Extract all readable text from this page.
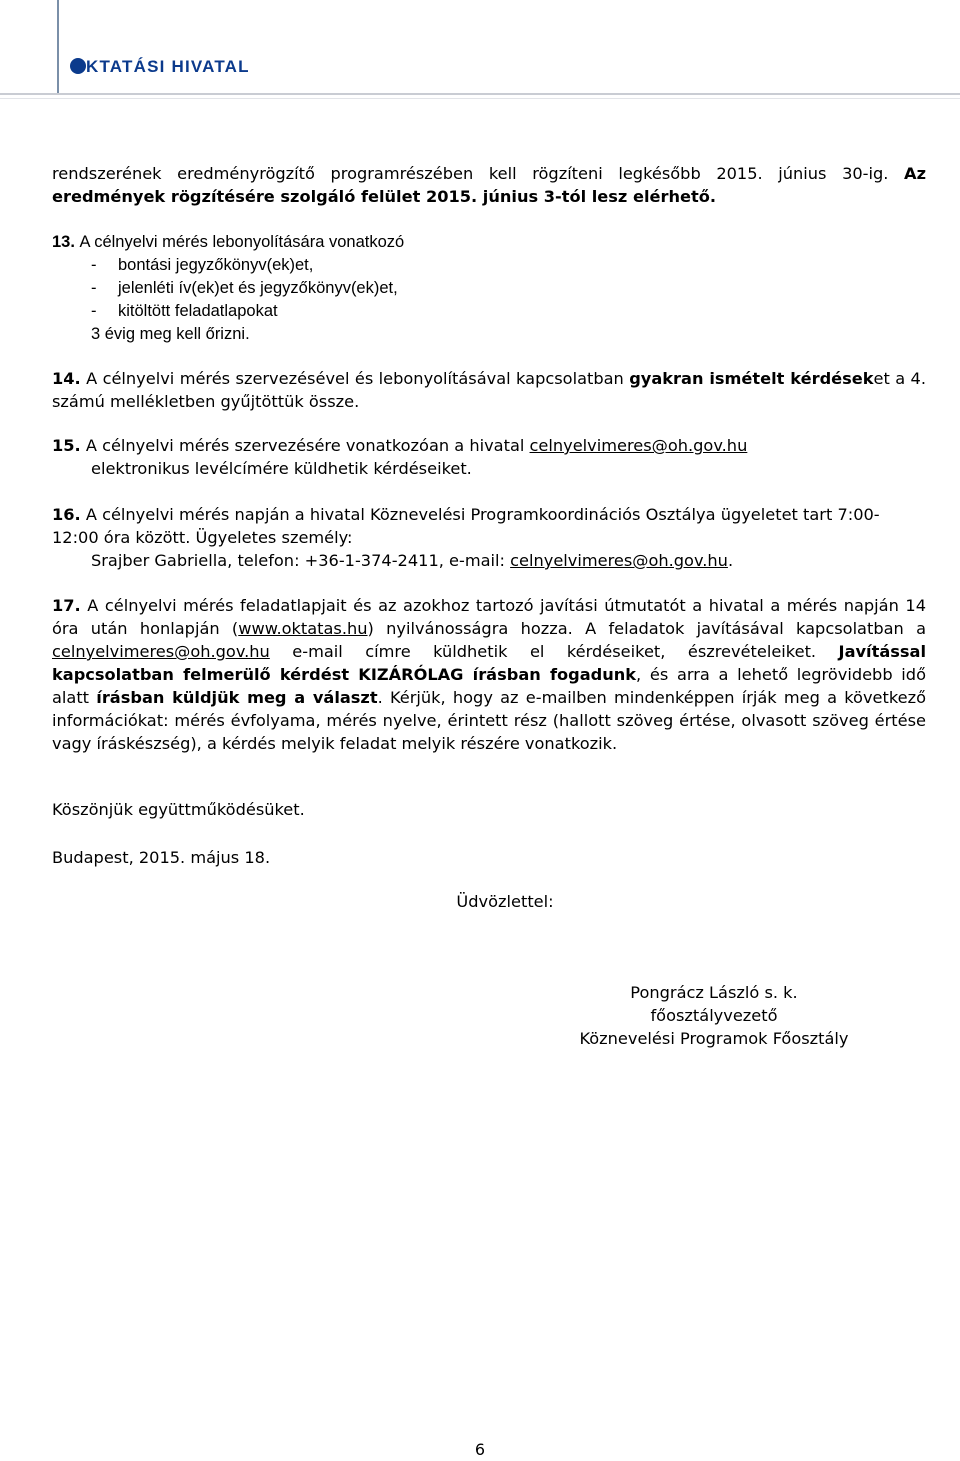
KTATÁSI HIVATAL

rendszerének eredményrögzítő programrészében kell rögzíteni legkésőbb 2015. június 30-ig. Az eredmények rögzítésére szolgáló felület 2015. június 3-tól lesz elérhető.

13. A célnyelvi mérés lebonyolítására vonatkozó
- bontási jegyzőkönyv(ek)et,
- jelenléti ív(ek)et és jegyzőkönyv(ek)et,
- kitöltött feladatlapokat
3 évig meg kell őrizni.

14. A célnyelvi mérés szervezésével és lebonyolításával kapcsolatban gyakran ismételt kérdéseket a 4. számú mellékletben gyűjtöttük össze.

15. A célnyelvi mérés szervezésére vonatkozóan a hivatal celnyelvimeres@oh.gov.hu
elektronikus levélcímére küldhetik kérdéseiket.

16. A célnyelvi mérés napján a hivatal Köznevelési Programkoordinációs Osztálya ügyeletet tart 7:00-12:00 óra között. Ügyeletes személy:
Srajber Gabriella, telefon: +36-1-374-2411, e-mail: celnyelvimeres@oh.gov.hu.

17. A célnyelvi mérés feladatlapjait és az azokhoz tartozó javítási útmutatót a hivatal a mérés napján 14 óra után honlapján (www.oktatas.hu) nyilvánosságra hozza. A feladatok javításával kapcsolatban a celnyelvimeres@oh.gov.hu e-mail címre küldhetik el kérdéseiket, észrevételeiket. Javítással kapcsolatban felmerülő kérdést KIZÁRÓLAG írásban fogadunk, és arra a lehető legrövidebb idő alatt írásban küldjük meg a választ. Kérjük, hogy az e-mailben mindenképpen írják meg a következő információkat: mérés évfolyama, mérés nyelve, érintett rész (hallott szöveg értése, olvasott szöveg értése vagy íráskészség), a kérdés melyik feladat melyik részére vonatkozik.

Köszönjük együttműködésüket.
Budapest, 2015. május 18.
Üdvözlettel:
Pongrácz László s. k.
főosztályvezető
Köznevelési Programok Főosztály
6
